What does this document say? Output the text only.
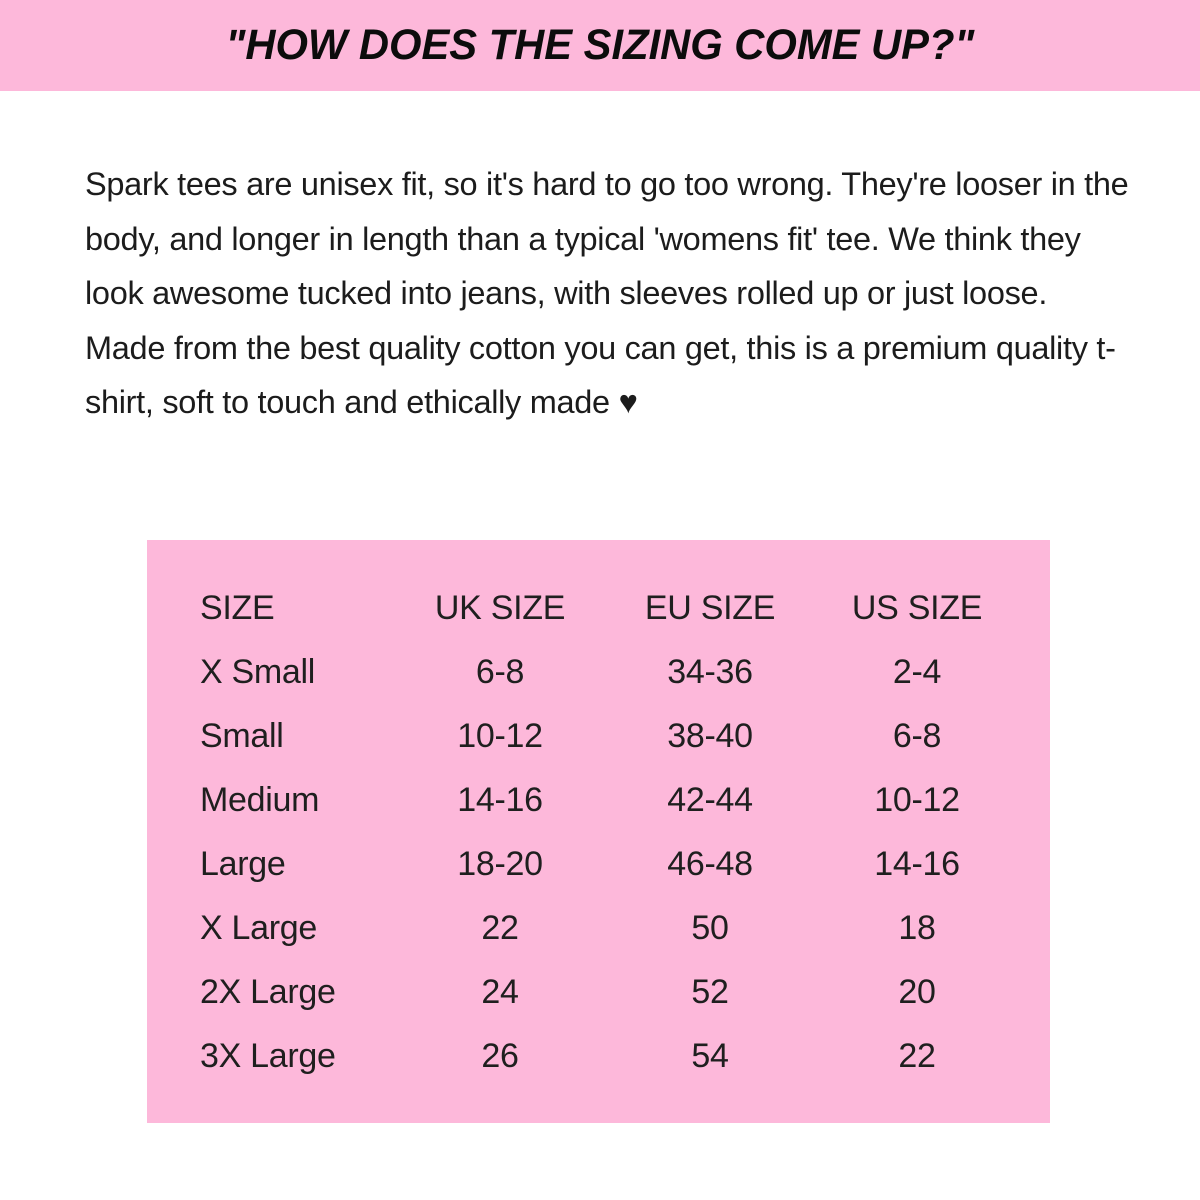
"HOW DOES THE SIZING COME UP?"

Spark tees are unisex fit, so it's hard to go too wrong. They're looser in the body, and longer in length than a typical 'womens fit' tee. We think they look awesome tucked into jeans, with sleeves rolled up or just loose. Made from the best quality cotton you can get, this is a premium quality t-shirt, soft to touch and ethically made ♥

SIZE	UK SIZE	EU SIZE	US SIZE
X Small	6-8	34-36	2-4
Small	10-12	38-40	6-8
Medium	14-16	42-44	10-12
Large	18-20	46-48	14-16
X Large	22	50	18
2X Large	24	52	20
3X Large	26	54	22
